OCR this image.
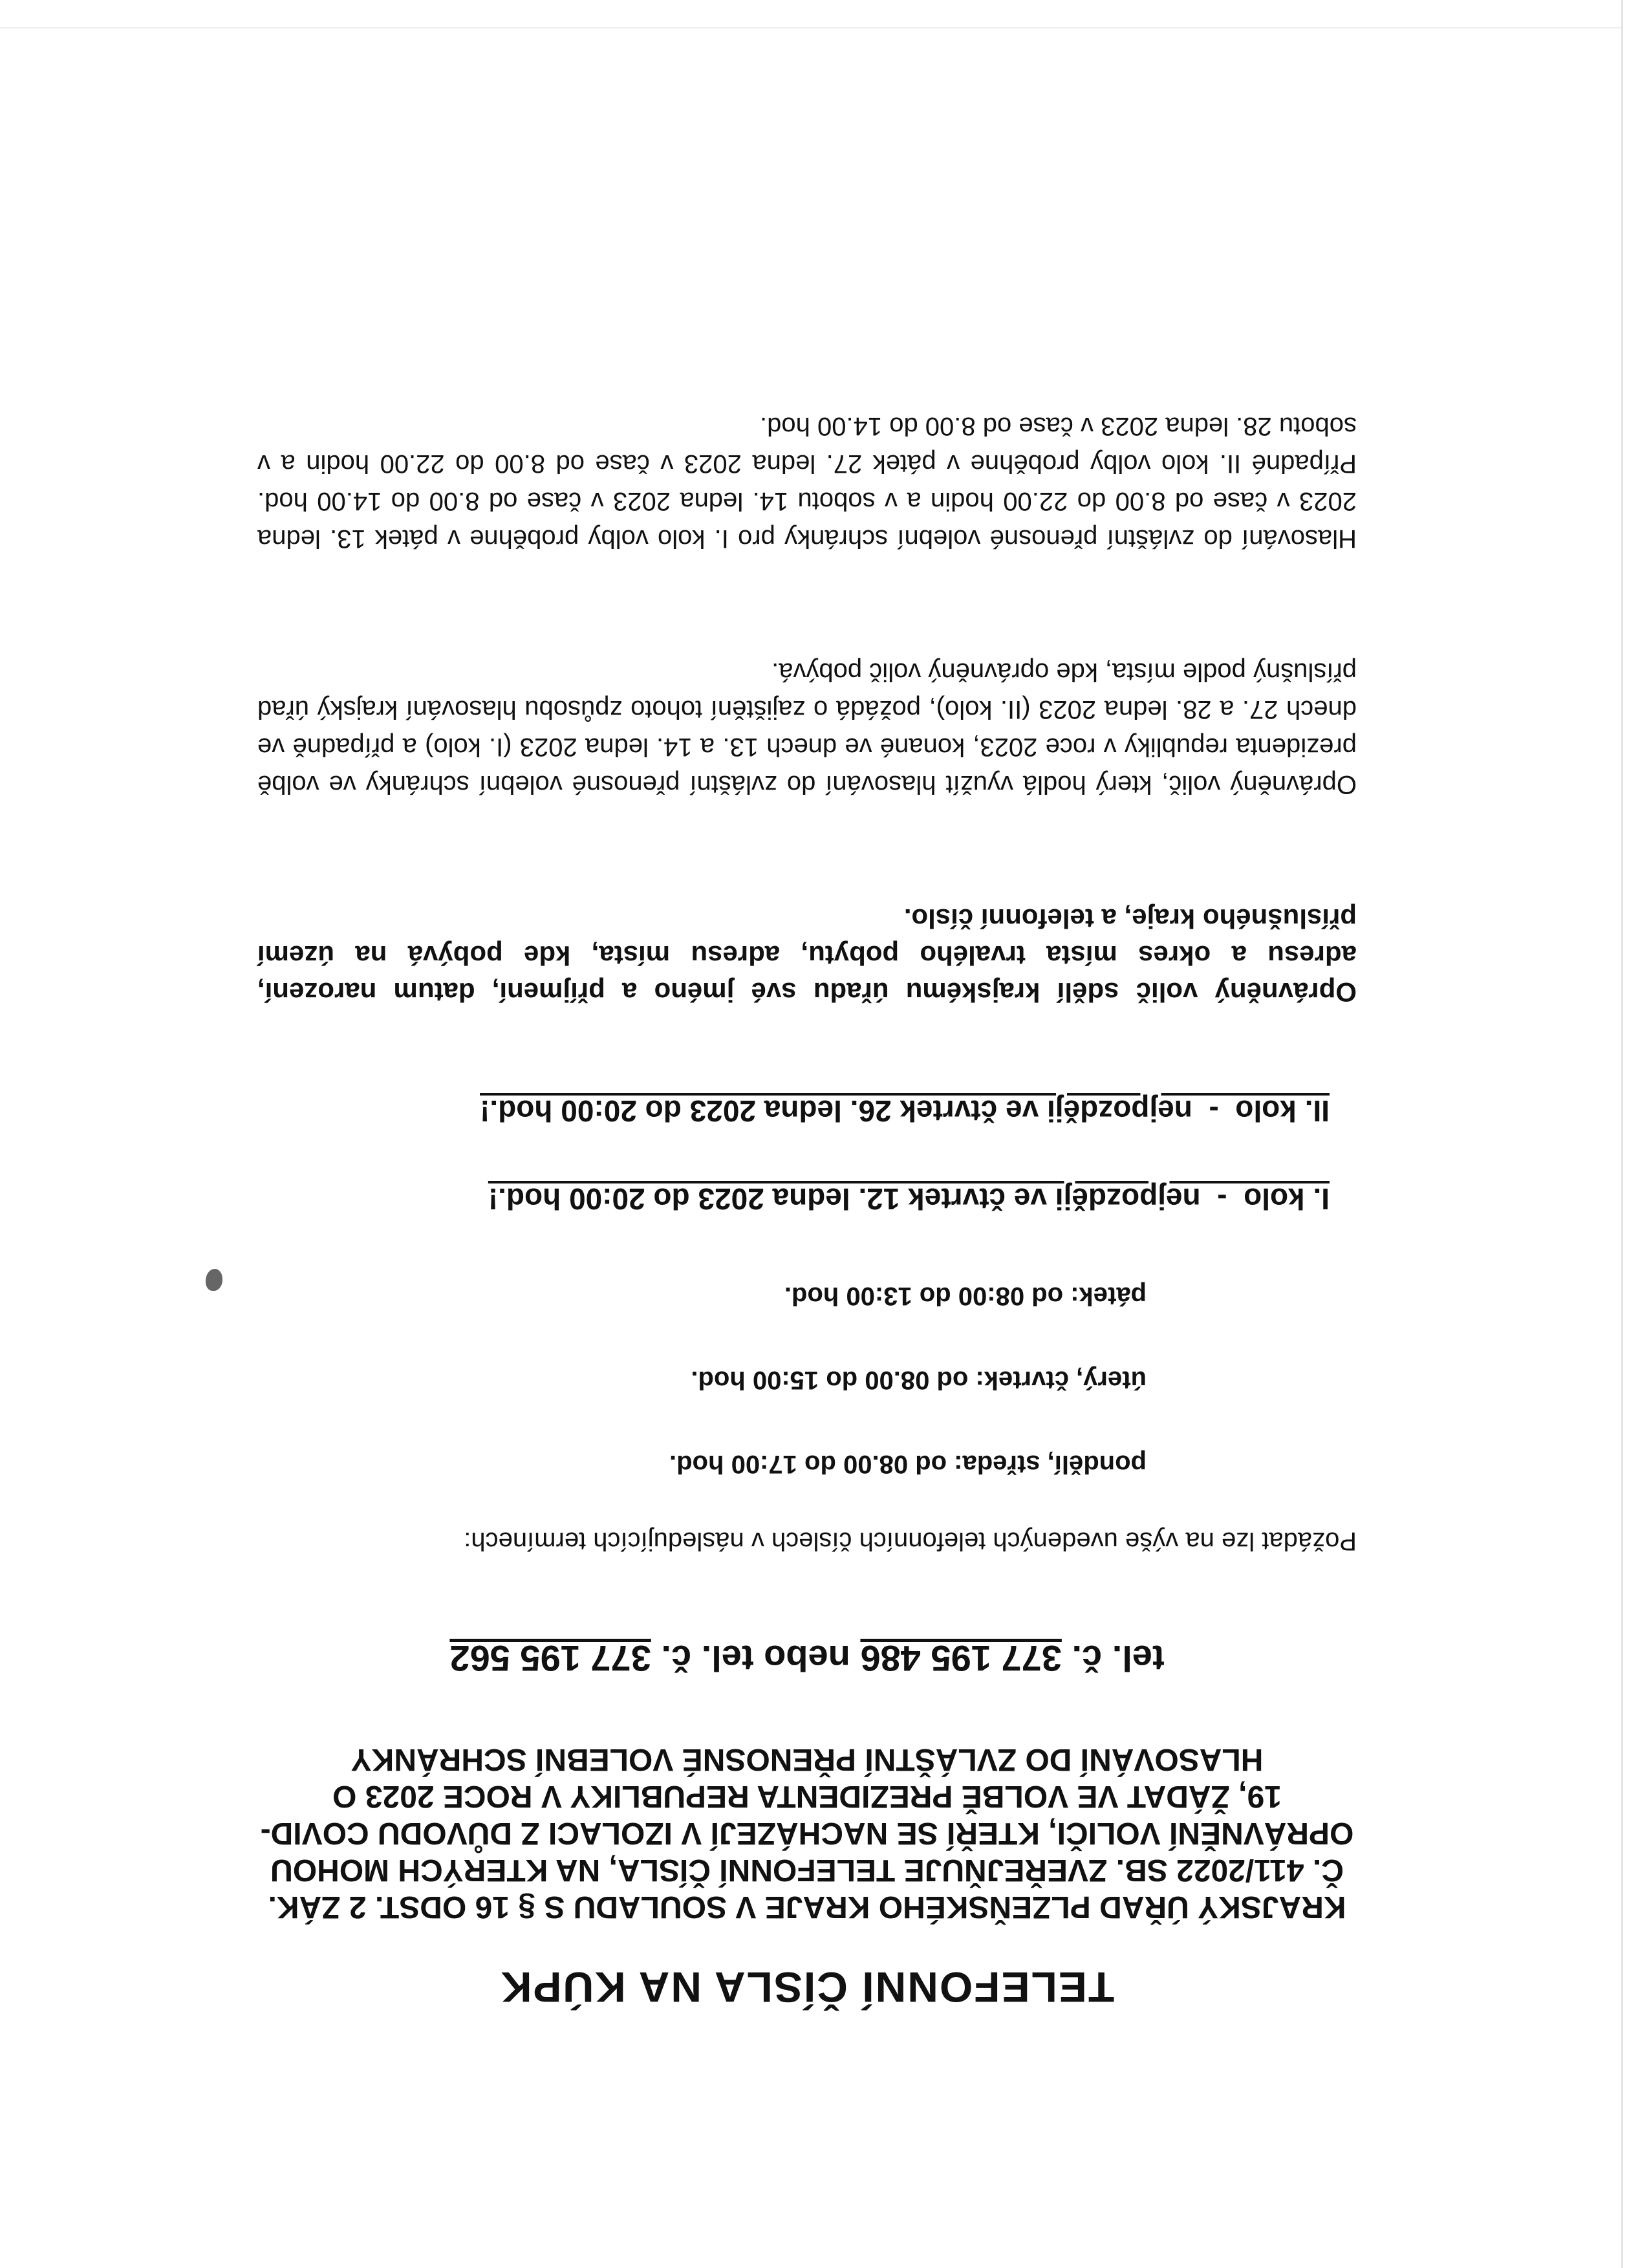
TELEFONNÍ ČÍSLA NA KÚPK
KRAJSKÝ ÚŘAD PLZEŇSKÉHO KRAJE V SOULADU S § 16 ODST. 2 ZÁK. Č. 411/2022 SB. ZVEŘEJŇUJE TELEFONNÍ ČÍSLA, NA KTERÝCH MOHOU OPRÁVNĚNÍ VOLIČI, KTEŘÍ SE NACHÁZEJÍ V IZOLACI Z DŮVODU COVID-19, ŽÁDAT VE VOLBĚ PREZIDENTA REPUBLIKY V ROCE 2023 O HLASOVÁNÍ DO ZVLÁŠTNÍ PŘENOSNÉ VOLEBNÍ SCHRÁNKY
tel. č. 377 195 486 nebo tel. č. 377 195 562

Požádat lze na výše uvedených telefonních číslech v následujících termínech:

pondělí, středa: od 08.00 do 17:00 hod.

úterý, čtvrtek: od 08.00 do 15:00 hod.

pátek: od 08:00 do 13:00 hod.

I. kolo  -  nejpozději ve čtvrtek 12. ledna 2023 do 20:00 hod.!

II. kolo  -  nejpozději ve čtvrtek 26. ledna 2023 do 20:00 hod.!

Oprávněný volič sdělí krajskému úřadu své jméno a příjmení, datum narození, adresu a okres místa trvalého pobytu, adresu místa, kde pobývá na území příslušného kraje, a telefonní číslo.

Oprávněný volič, který hodlá využít hlasování do zvláštní přenosné volební schránky ve volbě prezidenta republiky v roce 2023, konané ve dnech 13. a 14. ledna 2023 (I. kolo) a případně ve dnech 27. a 28. ledna 2023 (II. kolo), požádá o zajištění tohoto způsobu hlasování krajský úřad příslušný podle místa, kde oprávněný volič pobývá.

Hlasování do zvláštní přenosné volební schránky pro I. kolo volby proběhne v pátek 13. ledna 2023 v čase od 8.00 do 22.00 hodin a v sobotu 14. ledna 2023 v čase od 8.00 do 14.00 hod. Případné II. kolo volby proběhne v pátek 27. ledna 2023 v čase od 8.00 do 22.00 hodin a v sobotu 28. ledna 2023 v čase od 8.00 do 14.00 hod.
